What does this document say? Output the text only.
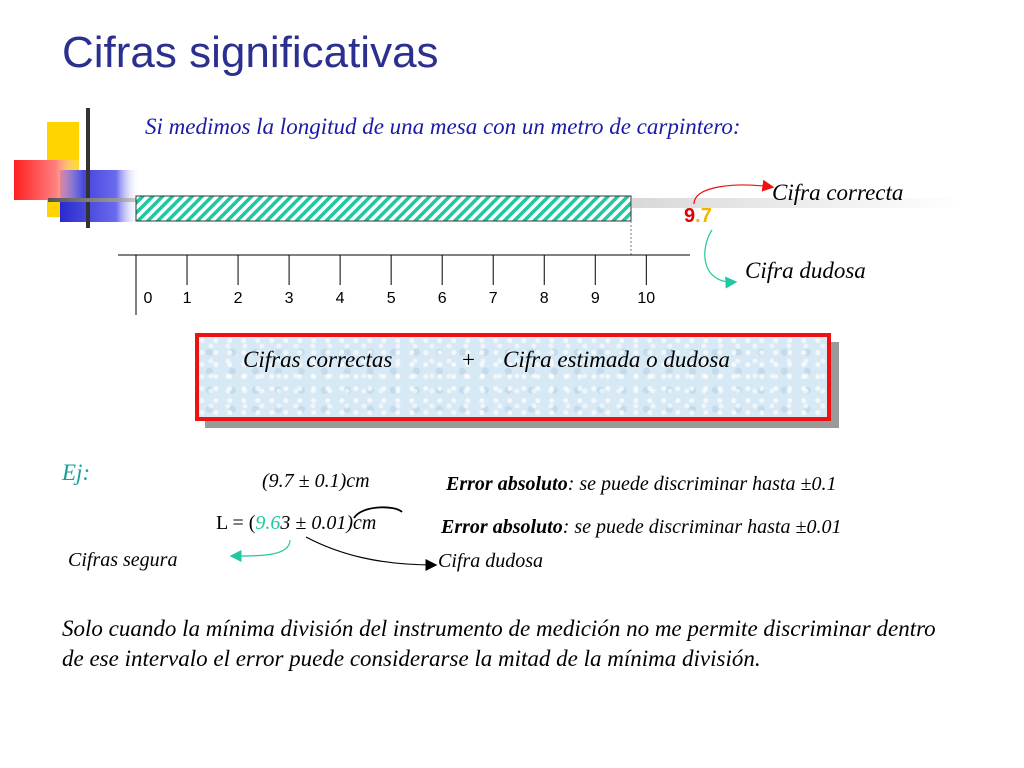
Cifras significativas
Si medimos la longitud de una mesa con un metro de carpintero:
0	1	2	3	4	5	6	7	8	9	10
9.7
Cifra correcta
Cifra dudosa
Cifras correctas	+ Cifra estimada o dudosa
Ej:	(9.7 ± 0.1)cm	Error absoluto: se puede discriminar hasta ±0.1
L = (9.63 ± 0.01)cm	Error absoluto: se puede discriminar hasta ±0.01
Cifras segura	Cifra dudosa
Solo cuando la mínima división del instrumento de medición no me permite discriminar dentro de ese intervalo el error puede considerarse la mitad de la mínima división.
